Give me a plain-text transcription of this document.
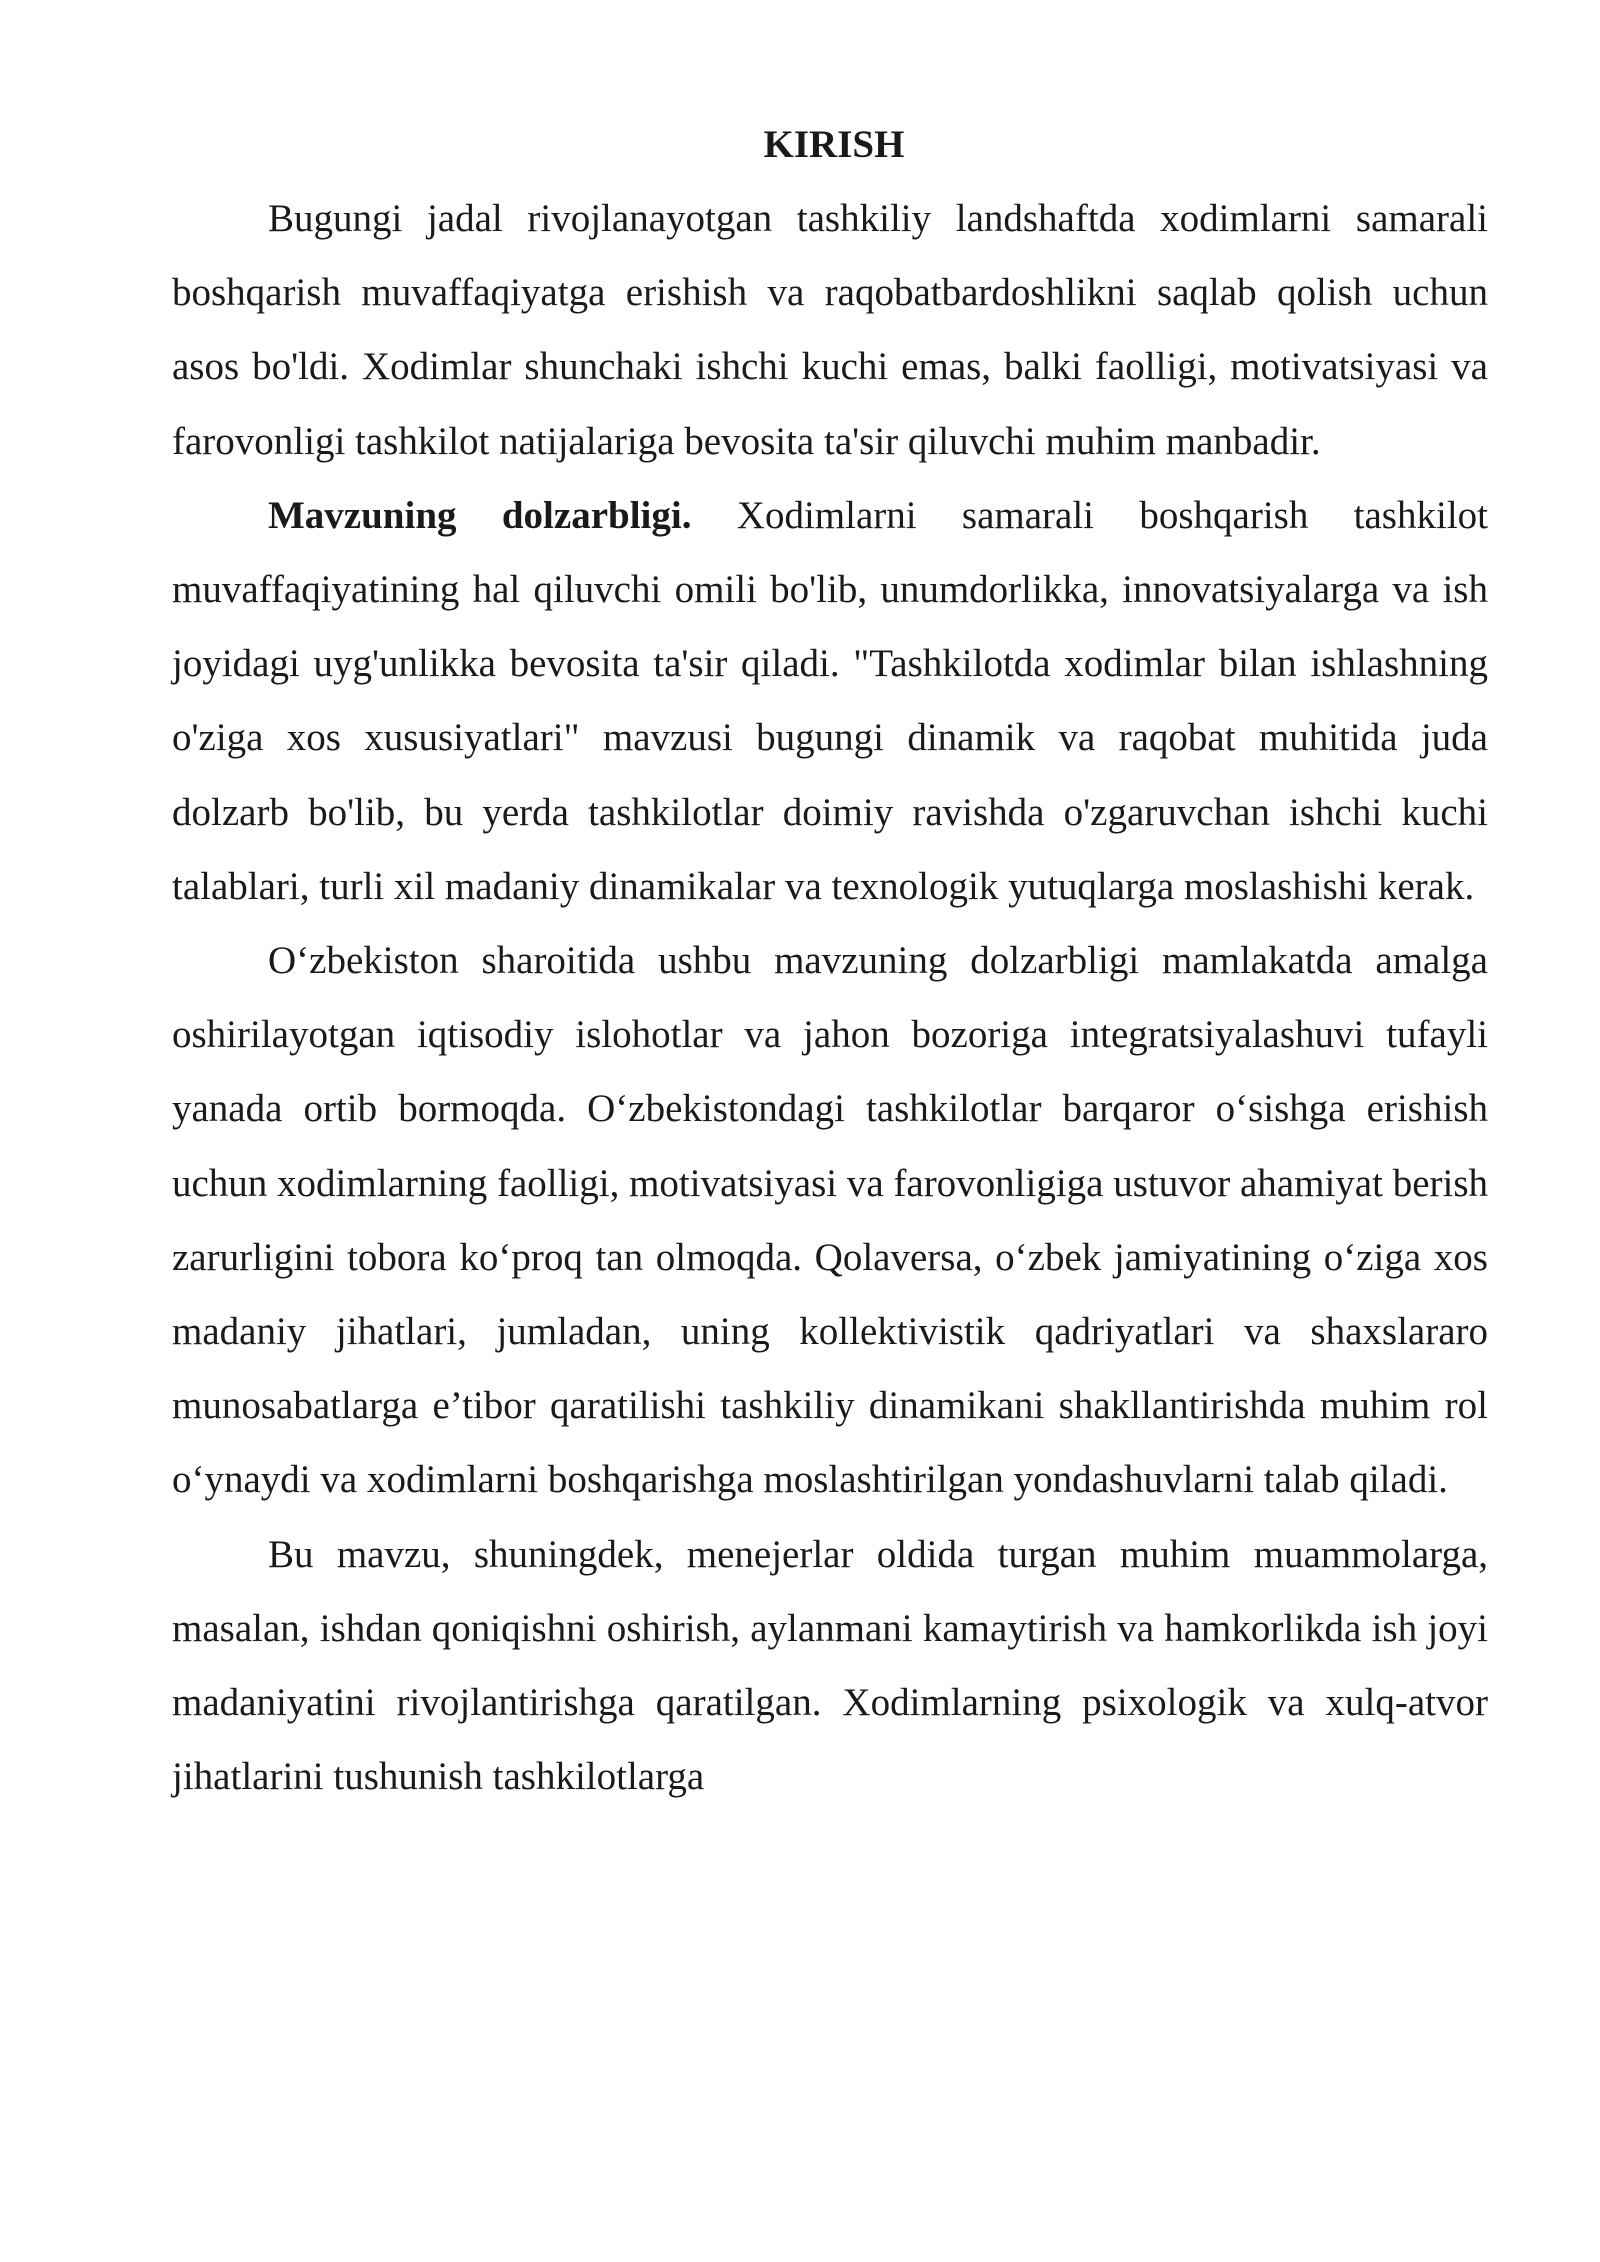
KIRISH

Bugungi jadal rivojlanayotgan tashkiliy landshaftda xodimlarni samarali boshqarish muvaffaqiyatga erishish va raqobatbardoshlikni saqlab qolish uchun asos bo'ldi. Xodimlar shunchaki ishchi kuchi emas, balki faolligi, motivatsiyasi va farovonligi tashkilot natijalariga bevosita ta'sir qiluvchi muhim manbadir.

Mavzuning dolzarbligi. Xodimlarni samarali boshqarish tashkilot muvaffaqiyatining hal qiluvchi omili bo'lib, unumdorlikka, innovatsiyalarga va ish joyidagi uyg'unlikka bevosita ta'sir qiladi. "Tashkilotda xodimlar bilan ishlashning o'ziga xos xususiyatlari" mavzusi bugungi dinamik va raqobat muhitida juda dolzarb bo'lib, bu yerda tashkilotlar doimiy ravishda o'zgaruvchan ishchi kuchi talablari, turli xil madaniy dinamikalar va texnologik yutuqlarga moslashishi kerak.

O‘zbekiston sharoitida ushbu mavzuning dolzarbligi mamlakatda amalga oshirilayotgan iqtisodiy islohotlar va jahon bozoriga integratsiyalashuvi tufayli yanada ortib bormoqda. O‘zbekistondagi tashkilotlar barqaror o‘sishga erishish uchun xodimlarning faolligi, motivatsiyasi va farovonligiga ustuvor ahamiyat berish zarurligini tobora ko‘proq tan olmoqda. Qolaversa, o‘zbek jamiyatining o‘ziga xos madaniy jihatlari, jumladan, uning kollektivistik qadriyatlari va shaxslararo munosabatlarga e’tibor qaratilishi tashkiliy dinamikani shakllantirishda muhim rol o‘ynaydi va xodimlarni boshqarishga moslashtirilgan yondashuvlarni talab qiladi.

Bu mavzu, shuningdek, menejerlar oldida turgan muhim muammolarga, masalan, ishdan qoniqishni oshirish, aylanmani kamaytirish va hamkorlikda ish joyi madaniyatini rivojlantirishga qaratilgan. Xodimlarning psixologik va xulq-atvor jihatlarini tushunish tashkilotlarga
